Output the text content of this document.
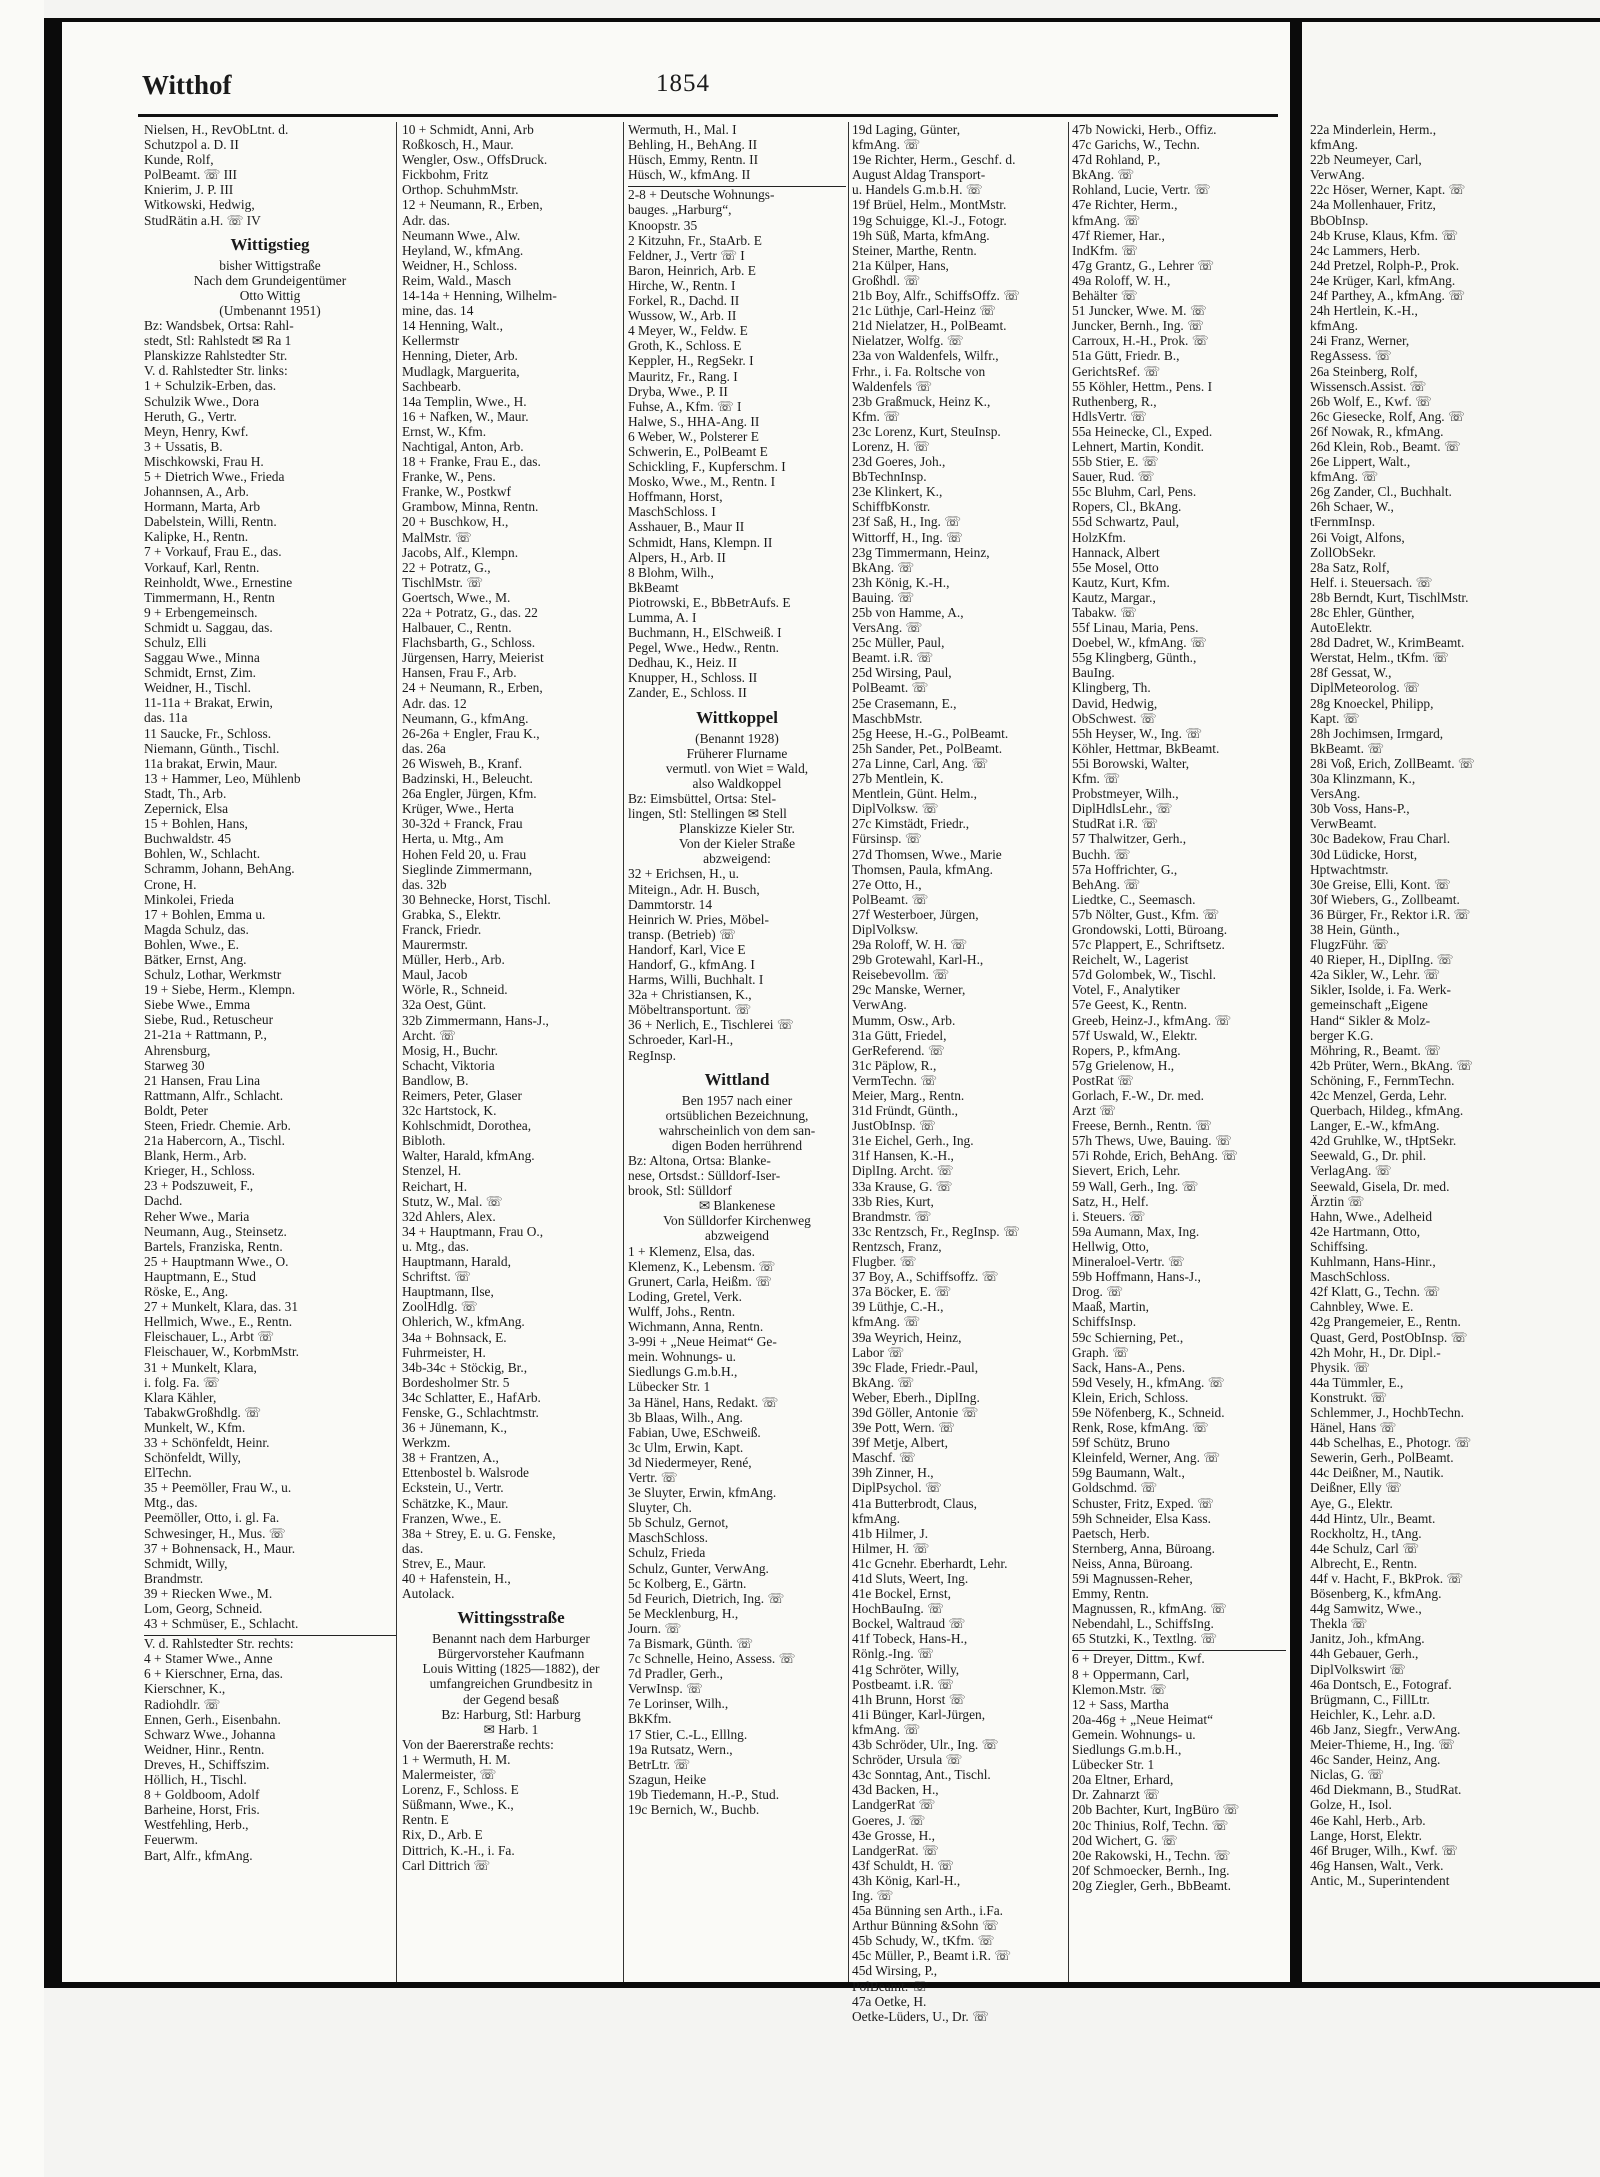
Witthof	1854

Nielsen, H., RevObLtnt. d.

Schutzpol a. D. II

Kunde, Rolf,

PolBeamt. ☏ III

Knierim, J. P. III

Witkowski, Hedwig,

StudRätin a.H. ☏ IV

Wittigstieg

bisher Wittigstraße

Nach dem Grundeigentümer

Otto Wittig

(Umbenannt 1951)

Bz: Wandsbek, Ortsa: Rahl-

stedt, Stl: Rahlstedt ✉ Ra 1

Planskizze Rahlstedter Str.

V. d. Rahlstedter Str. links:

1 + Schulzik-Erben, das.

Schulzik Wwe., Dora

Heruth, G., Vertr.

Meyn, Henry, Kwf.

3 + Ussatis, B.

Mischkowski, Frau H.

5 + Dietrich Wwe., Frieda

Johannsen, A., Arb.

Hormann, Marta, Arb

Dabelstein, Willi, Rentn.

Kalipke, H., Rentn.

7 + Vorkauf, Frau E., das.

Vorkauf, Karl, Rentn.

Reinholdt, Wwe., Ernestine

Timmermann, H., Rentn

9 + Erbengemeinsch.

Schmidt u. Saggau, das.

Schulz, Elli

Saggau Wwe., Minna

Schmidt, Ernst, Zim.

Weidner, H., Tischl.

11-11a + Brakat, Erwin,

das. 11a

11 Saucke, Fr., Schloss.

Niemann, Günth., Tischl.

11a brakat, Erwin, Maur.

13 + Hammer, Leo, Mühlenb

Stadt, Th., Arb.

Zepernick, Elsa

15 + Bohlen, Hans,

Buchwaldstr. 45

Bohlen, W., Schlacht.

Schramm, Johann, BehAng.

Crone, H.

Minkolei, Frieda

17 + Bohlen, Emma u.

Magda Schulz, das.

Bohlen, Wwe., E.

Bätker, Ernst, Ang.

Schulz, Lothar, Werkmstr

19 + Siebe, Herm., Klempn.

Siebe Wwe., Emma

Siebe, Rud., Retuscheur

21-21a + Rattmann, P.,

Ahrensburg,

Starweg 30

21 Hansen, Frau Lina

Rattmann, Alfr., Schlacht.

Boldt, Peter

Steen, Friedr. Chemie. Arb.

21a Habercorn, A., Tischl.

Blank, Herm., Arb.

Krieger, H., Schloss.

23 + Podszuweit, F.,

Dachd.

Reher Wwe., Maria

Neumann, Aug., Steinsetz.

Bartels, Franziska, Rentn.

25 + Hauptmann Wwe., O.

Hauptmann, E., Stud

Röske, E., Ang.

27 + Munkelt, Klara, das. 31

Hellmich, Wwe., E., Rentn.

Fleischauer, L., Arbt ☏

Fleischauer, W., KorbmMstr.

31 + Munkelt, Klara,

i. folg. Fa. ☏

Klara Kähler,

TabakwGroßhdlg. ☏

Munkelt, W., Kfm.

33 + Schönfeldt, Heinr.

Schönfeldt, Willy,

ElTechn.

35 + Peemöller, Frau W., u.

Mtg., das.

Peemöller, Otto, i. gl. Fa.

Schwesinger, H., Mus. ☏

37 + Bohnensack, H., Maur.

Schmidt, Willy,

Brandmstr.

39 + Riecken Wwe., M.

Lom, Georg, Schneid.

43 + Schmüser, E., Schlacht.

V. d. Rahlstedter Str. rechts:

4 + Stamer Wwe., Anne

6 + Kierschner, Erna, das.

Kierschner, K.,

Radiohdlr. ☏

Ennen, Gerh., Eisenbahn.

Schwarz Wwe., Johanna

Weidner, Hinr., Rentn.

Dreves, H., Schiffszim.

Höllich, H., Tischl.

8 + Goldboom, Adolf

Barheine, Horst, Fris.

Westfehling, Herb.,

Feuerwm.

Bart, Alfr., kfmAng.

10 + Schmidt, Anni, Arb

Roßkosch, H., Maur.

Wengler, Osw., OffsDruck.

Fickbohm, Fritz

Orthop. SchuhmMstr.

12 + Neumann, R., Erben,

Adr. das.

Neumann Wwe., Alw.

Heyland, W., kfmAng.

Weidner, H., Schloss.

Reim, Wald., Masch

14-14a + Henning, Wilhelm-

mine, das. 14

14 Henning, Walt.,

Kellermstr

Henning, Dieter, Arb.

Mudlagk, Marguerita,

Sachbearb.

14a Templin, Wwe., H.

16 + Nafken, W., Maur.

Ernst, W., Kfm.

Nachtigal, Anton, Arb.

18 + Franke, Frau E., das.

Franke, W., Pens.

Franke, W., Postkwf

Grambow, Minna, Rentn.

20 + Buschkow, H.,

MalMstr. ☏

Jacobs, Alf., Klempn.

22 + Potratz, G.,

TischlMstr. ☏

Goertsch, Wwe., M.

22a + Potratz, G., das. 22

Halbauer, C., Rentn.

Flachsbarth, G., Schloss.

Jürgensen, Harry, Meierist

Hansen, Frau F., Arb.

24 + Neumann, R., Erben,

Adr. das. 12

Neumann, G., kfmAng.

26-26a + Engler, Frau K.,

das. 26a

26 Wisweh, B., Kranf.

Badzinski, H., Beleucht.

26a Engler, Jürgen, Kfm.

Krüger, Wwe., Herta

30-32d + Franck, Frau

Herta, u. Mtg., Am

Hohen Feld 20, u. Frau

Sieglinde Zimmermann,

das. 32b

30 Behnecke, Horst, Tischl.

Grabka, S., Elektr.

Franck, Friedr.

Maurermstr.

Müller, Herb., Arb.

Maul, Jacob

Wörle, R., Schneid.

32a Oest, Günt.

32b Zimmermann, Hans-J.,

Archt. ☏

Mosig, H., Buchr.

Schacht, Viktoria

Bandlow, B.

Reimers, Peter, Glaser

32c Hartstock, K.

Kohlschmidt, Dorothea,

Bibloth.

Walter, Harald, kfmAng.

Stenzel, H.

Reichart, H.

Stutz, W., Mal. ☏

32d Ahlers, Alex.

34 + Hauptmann, Frau O.,

u. Mtg., das.

Hauptmann, Harald,

Schriftst. ☏

Hauptmann, Ilse,

ZoolHdlg. ☏

Ohlerich, W., kfmAng.

34a + Bohnsack, E.

Fuhrmeister, H.

34b-34c + Stöckig, Br.,

Bordesholmer Str. 5

34c Schlatter, E., HafArb.

Fenske, G., Schlachtmstr.

36 + Jünemann, K.,

Werkzm.

38 + Frantzen, A.,

Ettenbostel b. Walsrode

Eckstein, U., Vertr.

Schätzke, K., Maur.

Franzen, Wwe., E.

38a + Strey, E. u. G. Fenske,

das.

Strev, E., Maur.

40 + Hafenstein, H.,

Autolack.

Wittingsstraße

Benannt nach dem Harburger

Bürgervorsteher Kaufmann

Louis Witting (1825—1882), der

umfangreichen Grundbesitz in

der Gegend besaß

Bz: Harburg, Stl: Harburg

✉ Harb. 1

Von der Baererstraße rechts:

1 + Wermuth, H. M.

Malermeister, ☏

Lorenz, F., Schloss. E

Süßmann, Wwe., K.,

Rentn. E

Rix, D., Arb. E

Dittrich, K.-H., i. Fa.

Carl Dittrich ☏

Wermuth, H., Mal. I

Behling, H., BehAng. II

Hüsch, Emmy, Rentn. II

Hüsch, W., kfmAng. II

2-8 + Deutsche Wohnungs-

bauges. „Harburg“,

Knoopstr. 35

2 Kitzuhn, Fr., StaArb. E

Feldner, J., Vertr ☏ I

Baron, Heinrich, Arb. E

Hirche, W., Rentn. I

Forkel, R., Dachd. II

Wussow, W., Arb. II

4 Meyer, W., Feldw. E

Groth, K., Schloss. E

Keppler, H., RegSekr. I

Mauritz, Fr., Rang. I

Dryba, Wwe., P. II

Fuhse, A., Kfm. ☏ I

Halwe, S., HHA-Ang. II

6 Weber, W., Polsterer E

Schwerin, E., PolBeamt E

Schickling, F., Kupferschm. I

Mosko, Wwe., M., Rentn. I

Hoffmann, Horst,

MaschSchloss. I

Asshauer, B., Maur II

Schmidt, Hans, Klempn. II

Alpers, H., Arb. II

8 Blohm, Wilh.,

BkBeamt

Piotrowski, E., BbBetrAufs. E

Lumma, A. I

Buchmann, H., ElSchweiß. I

Pegel, Wwe., Hedw., Rentn.

Dedhau, K., Heiz. II

Knupper, H., Schloss. II

Zander, E., Schloss. II

Wittkoppel

(Benannt 1928)

Früherer Flurname

vermutl. von Wiet = Wald,

also Waldkoppel

Bz: Eimsbüttel, Ortsa: Stel-

lingen, Stl: Stellingen ✉ Stell

Planskizze Kieler Str.

Von der Kieler Straße

abzweigend:

32 + Erichsen, H., u.

Miteign., Adr. H. Busch,

Dammtorstr. 14

Heinrich W. Pries, Möbel-

transp. (Betrieb) ☏

Handorf, Karl, Vice E

Handorf, G., kfmAng. I

Harms, Willi, Buchhalt. I

32a + Christiansen, K.,

Möbeltransportunt. ☏

36 + Nerlich, E., Tischlerei ☏

Schroeder, Karl-H.,

RegInsp.

Wittland

Ben 1957 nach einer

ortsüblichen Bezeichnung,

wahrscheinlich von dem san-

digen Boden herrührend

Bz: Altona, Ortsa: Blanke-

nese, Ortsdst.: Sülldorf-Iser-

brook, Stl: Sülldorf

✉ Blankenese

Von Sülldorfer Kirchenweg

abzweigend

1 + Klemenz, Elsa, das.

Klemenz, K., Lebensm. ☏

Grunert, Carla, Heißm. ☏

Loding, Gretel, Verk.

Wulff, Johs., Rentn.

Wichmann, Anna, Rentn.

3-99i + „Neue Heimat“ Ge-

mein. Wohnungs- u.

Siedlungs G.m.b.H.,

Lübecker Str. 1

3a Hänel, Hans, Redakt. ☏

3b Blaas, Wilh., Ang.

Fabian, Uwe, ESchweiß.

3c Ulm, Erwin, Kapt.

3d Niedermeyer, René,

Vertr. ☏

3e Sluyter, Erwin, kfmAng.

Sluyter, Ch.

5b Schulz, Gernot,

MaschSchloss.

Schulz, Frieda

Schulz, Gunter, VerwAng.

5c Kolberg, E., Gärtn.

5d Feurich, Dietrich, Ing. ☏

5e Mecklenburg, H.,

Journ. ☏

7a Bismark, Günth. ☏

7c Schnelle, Heino, Assess. ☏

7d Pradler, Gerh.,

VerwInsp. ☏

7e Lorinser, Wilh.,

BkKfm.

17 Stier, C.-L., Elllng.

19a Rutsatz, Wern.,

BetrLtr. ☏

Szagun, Heike

19b Tiedemann, H.-P., Stud.

19c Bernich, W., Buchb.

19d Laging, Günter,

kfmAng. ☏

19e Richter, Herm., Geschf. d.

August Aldag Transport-

u. Handels G.m.b.H. ☏

19f Brüel, Helm., MontMstr.

19g Schuigge, Kl.-J., Fotogr.

19h Süß, Marta, kfmAng.

Steiner, Marthe, Rentn.

21a Külper, Hans,

Großhdl. ☏

21b Boy, Alfr., SchiffsOffz. ☏

21c Lüthje, Carl-Heinz ☏

21d Nielatzer, H., PolBeamt.

Nielatzer, Wolfg. ☏

23a von Waldenfels, Wilfr.,

Frhr., i. Fa. Roltsche von

Waldenfels ☏

23b Graßmuck, Heinz K.,

Kfm. ☏

23c Lorenz, Kurt, SteuInsp.

Lorenz, H. ☏

23d Goeres, Joh.,

BbTechnInsp.

23e Klinkert, K.,

SchiffbKonstr.

23f Saß, H., Ing. ☏

Wittorff, H., Ing. ☏

23g Timmermann, Heinz,

BkAng. ☏

23h König, K.-H.,

Bauing. ☏

25b von Hamme, A.,

VersAng. ☏

25c Müller, Paul,

Beamt. i.R. ☏

25d Wirsing, Paul,

PolBeamt. ☏

25e Crasemann, E.,

MaschbMstr.

25g Heese, H.-G., PolBeamt.

25h Sander, Pet., PolBeamt.

27a Linne, Carl, Ang. ☏

27b Mentlein, K.

Mentlein, Günt. Helm.,

DiplVolksw. ☏

27c Kimstädt, Friedr.,

Fürsinsp. ☏

27d Thomsen, Wwe., Marie

Thomsen, Paula, kfmAng.

27e Otto, H.,

PolBeamt. ☏

27f Westerboer, Jürgen,

DiplVolksw.

29a Roloff, W. H. ☏

29b Grotewahl, Karl-H.,

Reisebevollm. ☏

29c Manske, Werner,

VerwAng.

Mumm, Osw., Arb.

31a Gütt, Friedel,

GerReferend. ☏

31c Päplow, R.,

VermTechn. ☏

Meier, Marg., Rentn.

31d Fründt, Günth.,

JustObInsp. ☏

31e Eichel, Gerh., Ing.

31f Hansen, K.-H.,

DiplIng. Archt. ☏

33a Krause, G. ☏

33b Ries, Kurt,

Brandmstr. ☏

33c Rentzsch, Fr., RegInsp. ☏

Rentzsch, Franz,

Flugber. ☏

37 Boy, A., Schiffsoffz. ☏

37a Böcker, E. ☏

39 Lüthje, C.-H.,

kfmAng. ☏

39a Weyrich, Heinz,

Labor ☏

39c Flade, Friedr.-Paul,

BkAng. ☏

Weber, Eberh., DiplIng.

39d Göller, Antonie ☏

39e Pott, Wern. ☏

39f Metje, Albert,

Maschf. ☏

39h Zinner, H.,

DiplPsychol. ☏

41a Butterbrodt, Claus,

kfmAng.

41b Hilmer, J.

Hilmer, H. ☏

41c Gcnehr. Eberhardt, Lehr.

41d Sluts, Weert, Ing.

41e Bockel, Ernst,

HochBauIng. ☏

Bockel, Waltraud ☏

41f Tobeck, Hans-H.,

Rönlg.-Ing. ☏

41g Schröter, Willy,

Postbeamt. i.R. ☏

41h Brunn, Horst ☏

41i Bünger, Karl-Jürgen,

kfmAng. ☏

43b Schröder, Ulr., Ing. ☏

Schröder, Ursula ☏

43c Sonntag, Ant., Tischl.

43d Backen, H.,

LandgerRat ☏

Goeres, J. ☏

43e Grosse, H.,

LandgerRat. ☏

43f Schuldt, H. ☏

43h König, Karl-H.,

Ing. ☏

45a Bünning sen Arth., i.Fa.

Arthur Bünning &Sohn ☏

45b Schudy, W., tKfm. ☏

45c Müller, P., Beamt i.R. ☏

45d Wirsing, P.,

PolBeamt. ☏

47a Oetke, H.

Oetke-Lüders, U., Dr. ☏

47b Nowicki, Herb., Offiz.

47c Garichs, W., Techn.

47d Rohland, P.,

BkAng. ☏

Rohland, Lucie, Vertr. ☏

47e Richter, Herm.,

kfmAng. ☏

47f Riemer, Har.,

IndKfm. ☏

47g Grantz, G., Lehrer ☏

49a Roloff, W. H.,

Behälter ☏

51 Juncker, Wwe. M. ☏

Juncker, Bernh., Ing. ☏

Carroux, H.-H., Prok. ☏

51a Gütt, Friedr. B.,

GerichtsRef. ☏

55 Köhler, Hettm., Pens. I

Ruthenberg, R.,

HdlsVertr. ☏

55a Heinecke, Cl., Exped.

Lehnert, Martin, Kondit.

55b Stier, E. ☏

Sauer, Rud. ☏

55c Bluhm, Carl, Pens.

Ropers, Cl., BkAng.

55d Schwartz, Paul,

HolzKfm.

Hannack, Albert

55e Mosel, Otto

Kautz, Kurt, Kfm.

Kautz, Margar.,

Tabakw. ☏

55f Linau, Maria, Pens.

Doebel, W., kfmAng. ☏

55g Klingberg, Günth.,

BauIng.

Klingberg, Th.

David, Hedwig,

ObSchwest. ☏

55h Heyser, W., Ing. ☏

Köhler, Hettmar, BkBeamt.

55i Borowski, Walter,

Kfm. ☏

Probstmeyer, Wilh.,

DiplHdlsLehr., ☏

StudRat i.R. ☏

57 Thalwitzer, Gerh.,

Buchh. ☏

57a Hoffrichter, G.,

BehAng. ☏

Liedtke, C., Seemasch.

57b Nölter, Gust., Kfm. ☏

Grondowski, Lotti, Büroang.

57c Plappert, E., Schriftsetz.

Reichelt, W., Lagerist

57d Golombek, W., Tischl.

Votel, F., Analytiker

57e Geest, K., Rentn.

Greeb, Heinz-J., kfmAng. ☏

57f Uswald, W., Elektr.

Ropers, P., kfmAng.

57g Grielenow, H.,

PostRat ☏

Gorlach, F.-W., Dr. med.

Arzt ☏

Freese, Bernh., Rentn. ☏

57h Thews, Uwe, Bauing. ☏

57i Rohde, Erich, BehAng. ☏

Sievert, Erich, Lehr.

59 Wall, Gerh., Ing. ☏

Satz, H., Helf.

i. Steuers. ☏

59a Aumann, Max, Ing.

Hellwig, Otto,

Mineraloel-Vertr. ☏

59b Hoffmann, Hans-J.,

Drog. ☏

Maaß, Martin,

SchiffsInsp.

59c Schierning, Pet.,

Graph. ☏

Sack, Hans-A., Pens.

59d Vesely, H., kfmAng. ☏

Klein, Erich, Schloss.

59e Nöfenberg, K., Schneid.

Renk, Rose, kfmAng. ☏

59f Schütz, Bruno

Kleinfeld, Werner, Ang. ☏

59g Baumann, Walt.,

Goldschmd. ☏

Schuster, Fritz, Exped. ☏

59h Schneider, Elsa Kass.

Paetsch, Herb.

Sternberg, Anna, Büroang.

Neiss, Anna, Büroang.

59i Magnussen-Reher,

Emmy, Rentn.

Magnussen, R., kfmAng. ☏

Nebendahl, L., SchiffsIng.

65 Stutzki, K., Textlng. ☏

6 + Dreyer, Dittm., Kwf.

8 + Oppermann, Carl,

Klemon.Mstr. ☏

12 + Sass, Martha

20a-46g + „Neue Heimat“

Gemein. Wohnungs- u.

Siedlungs G.m.b.H.,

Lübecker Str. 1

20a Eltner, Erhard,

Dr. Zahnarzt ☏

20b Bachter, Kurt, IngBüro ☏

20c Thinius, Rolf, Techn. ☏

20d Wichert, G. ☏

20e Rakowski, H., Techn. ☏

20f Schmoecker, Bernh., Ing.

20g Ziegler, Gerh., BbBeamt.

22a Minderlein, Herm.,

kfmAng.

22b Neumeyer, Carl,

VerwAng.

22c Höser, Werner, Kapt. ☏

24a Mollenhauer, Fritz,

BbObInsp.

24b Kruse, Klaus, Kfm. ☏

24c Lammers, Herb.

24d Pretzel, Rolph-P., Prok.

24e Krüger, Karl, kfmAng.

24f Parthey, A., kfmAng. ☏

24h Hertlein, K.-H.,

kfmAng.

24i Franz, Werner,

RegAssess. ☏

26a Steinberg, Rolf,

Wissensch.Assist. ☏

26b Wolf, E., Kwf. ☏

26c Giesecke, Rolf, Ang. ☏

26f Nowak, R., kfmAng.

26d Klein, Rob., Beamt. ☏

26e Lippert, Walt.,

kfmAng. ☏

26g Zander, Cl., Buchhalt.

26h Schaer, W.,

tFernmInsp.

26i Voigt, Alfons,

ZollObSekr.

28a Satz, Rolf,

Helf. i. Steuersach. ☏

28b Berndt, Kurt, TischlMstr.

28c Ehler, Günther,

AutoElektr.

28d Dadret, W., KrimBeamt.

Werstat, Helm., tKfm. ☏

28f Gessat, W.,

DiplMeteorolog. ☏

28g Knoeckel, Philipp,

Kapt. ☏

28h Jochimsen, Irmgard,

BkBeamt. ☏

28i Voß, Erich, ZollBeamt. ☏

30a Klinzmann, K.,

VersAng.

30b Voss, Hans-P.,

VerwBeamt.

30c Badekow, Frau Charl.

30d Lüdicke, Horst,

Hptwachtmstr.

30e Greise, Elli, Kont. ☏

30f Wiebers, G., Zollbeamt.

36 Bürger, Fr., Rektor i.R. ☏

38 Hein, Günth.,

FlugzFühr. ☏

40 Rieper, H., DiplIng. ☏

42a Sikler, W., Lehr. ☏

Sikler, Isolde, i. Fa. Werk-

gemeinschaft „Eigene

Hand“ Sikler & Molz-

berger K.G.

Möhring, R., Beamt. ☏

42b Prüter, Wern., BkAng. ☏

Schöning, F., FernmTechn.

42c Menzel, Gerda, Lehr.

Querbach, Hildeg., kfmAng.

Langer, E.-W., kfmAng.

42d Gruhlke, W., tHptSekr.

Seewald, G., Dr. phil.

VerlagAng. ☏

Seewald, Gisela, Dr. med.

Ärztin ☏

Hahn, Wwe., Adelheid

42e Hartmann, Otto,

Schiffsing.

Kuhlmann, Hans-Hinr.,

MaschSchloss.

42f Klatt, G., Techn. ☏

Cahnbley, Wwe. E.

42g Prangemeier, E., Rentn.

Quast, Gerd, PostObInsp. ☏

42h Mohr, H., Dr. Dipl.-

Physik. ☏

44a Tümmler, E.,

Konstrukt. ☏

Schlemmer, J., HochbTechn.

Hänel, Hans ☏

44b Schelhas, E., Photogr. ☏

Sewerin, Gerh., PolBeamt.

44c Deißner, M., Nautik.

Deißner, Elly ☏

Aye, G., Elektr.

44d Hintz, Ulr., Beamt.

Rockholtz, H., tAng.

44e Schulz, Carl ☏

Albrecht, E., Rentn.

44f v. Hacht, F., BkProk. ☏

Bösenberg, K., kfmAng.

44g Samwitz, Wwe.,

Thekla ☏

Janitz, Joh., kfmAng.

44h Gebauer, Gerh.,

DiplVolkswirt ☏

46a Dontsch, E., Fotograf.

Brügmann, C., FillLtr.

Heichler, K., Lehr. a.D.

46b Janz, Siegfr., VerwAng.

Meier-Thieme, H., Ing. ☏

46c Sander, Heinz, Ang.

Niclas, G. ☏

46d Diekmann, B., StudRat.

Golze, H., Isol.

46e Kahl, Herb., Arb.

Lange, Horst, Elektr.

46f Bruger, Wilh., Kwf. ☏

46g Hansen, Walt., Verk.

Antic, M., Superintendent
